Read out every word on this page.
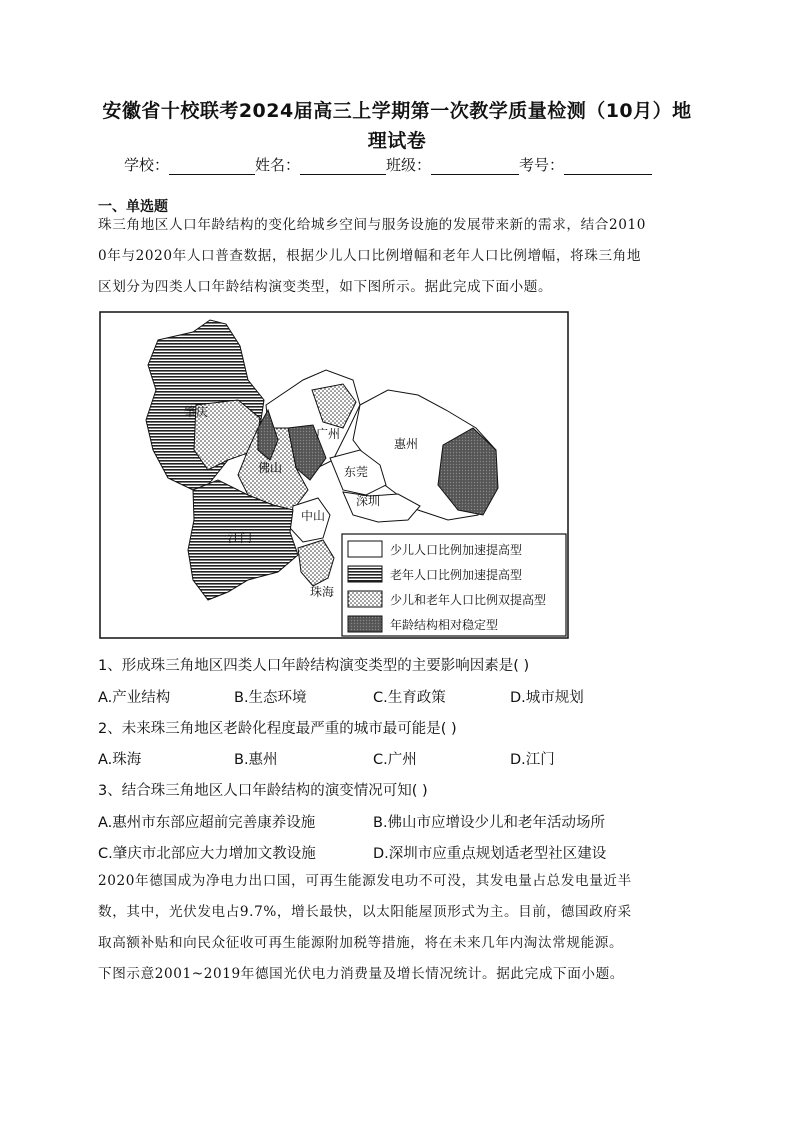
安徽省十校联考2024届高三上学期第一次教学质量检测（10月）地
理试卷
学校：	姓名：	班级：	考号：
一、单选题
珠三角地区人口年龄结构的变化给城乡空间与服务设施的发展带来新的需求，结合2010
0年与2020年人口普查数据，根据少儿人口比例增幅和老年人口比例增幅，将珠三角地
区划分为四类人口年龄结构演变类型，如下图所示。据此完成下面小题。
肇庆
广州
惠州
佛山	东莞
深圳
中山
江门
珠海
少儿人口比例加速提高型
老年人口比例加速提高型
少儿和老年人口比例双提高型
年龄结构相对稳定型
1、形成珠三角地区四类人口年龄结构演变类型的主要影响因素是( )
A.产业结构	B.生态环境	C.生育政策	D.城市规划
2、未来珠三角地区老龄化程度最严重的城市最可能是( )
A.珠海	B.惠州	C.广州	D.江门
3、结合珠三角地区人口年龄结构的演变情况可知( )
A.惠州市东部应超前完善康养设施	B.佛山市应增设少儿和老年活动场所
C.肇庆市北部应大力增加文教设施	D.深圳市应重点规划适老型社区建设
2020年德国成为净电力出口国，可再生能源发电功不可没，其发电量占总发电量近半
数，其中，光伏发电占9.7%，增长最快，以太阳能屋顶形式为主。目前，德国政府采
取高额补贴和向民众征收可再生能源附加税等措施，将在未来几年内淘汰常规能源。
下图示意2001~2019年德国光伏电力消费量及增长情况统计。据此完成下面小题。
